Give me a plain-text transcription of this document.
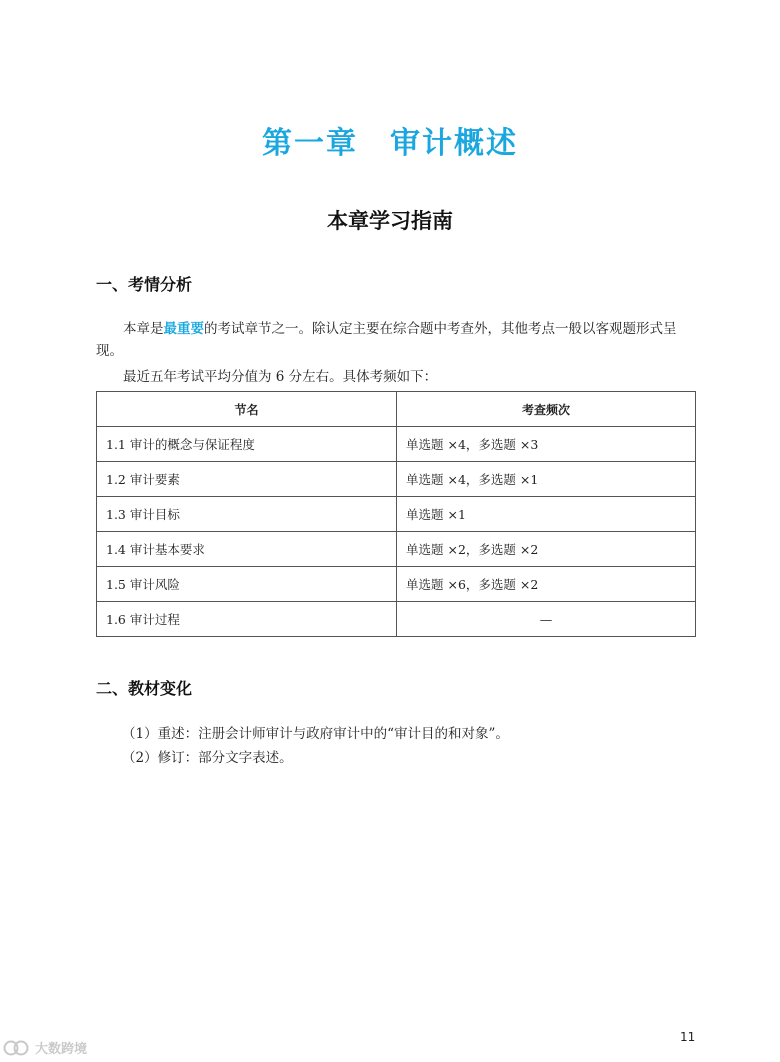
第一章　审计概述
本章学习指南
一、考情分析
本章是最重要的考试章节之一。除认定主要在综合题中考查外，其他考点一般以客观题形式呈现。
最近五年考试平均分值为 6 分左右。具体考频如下：
节名	考查频次
1.1 审计的概念与保证程度	单选题 ×4，多选题 ×3
1.2 审计要素	单选题 ×4，多选题 ×1
1.3 审计目标	单选题 ×1
1.4 审计基本要求	单选题 ×2，多选题 ×2
1.5 审计风险	单选题 ×6，多选题 ×2
1.6 审计过程	—
二、教材变化
（1）重述：注册会计师审计与政府审计中的“审计目的和对象”。
（2）修订：部分文字表述。
11
大数跨境
